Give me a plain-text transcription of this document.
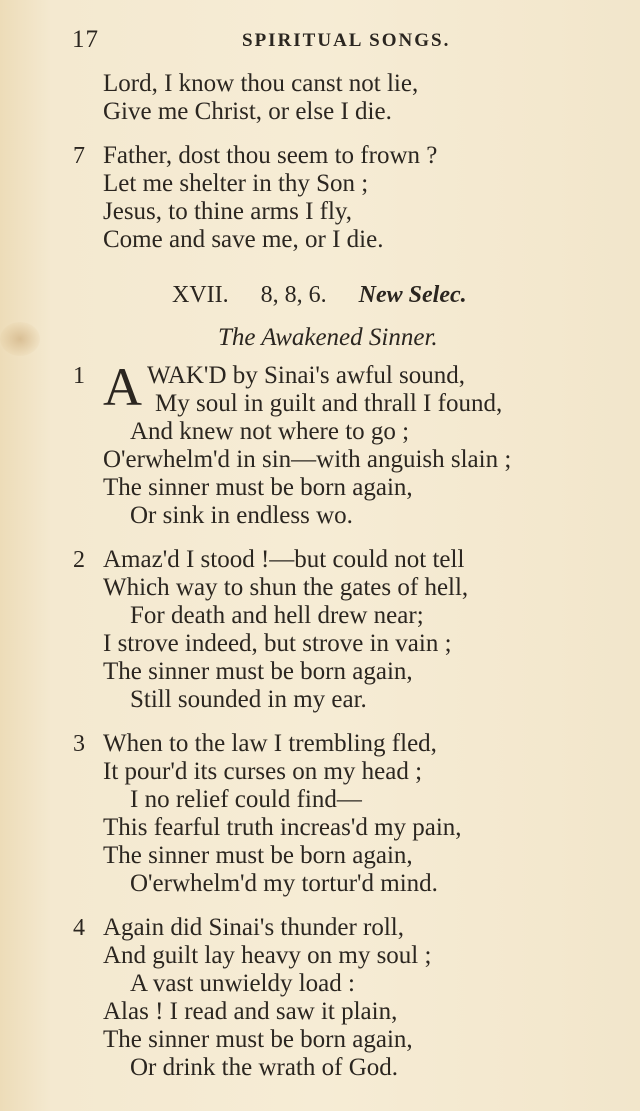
17	SPIRITUAL SONGS.
Lord, I know thou canst not lie,
Give me Christ, or else I die.
7 Father, dost thou seem to frown ?
Let me shelter in thy Son ;
Jesus, to thine arms I fly,
Come and save me, or I die.
XVII. 8, 8, 6. New Selec.
The Awakened Sinner.
1 A WAK'D by Sinai's awful sound,
My soul in guilt and thrall I found,
And knew not where to go ;
O'erwhelm'd in sin—with anguish slain ;
The sinner must be born again,
Or sink in endless wo.
2 Amaz'd I stood !—but could not tell
Which way to shun the gates of hell,
For death and hell drew near;
I strove indeed, but strove in vain ;
The sinner must be born again,
Still sounded in my ear.
3 When to the law I trembling fled,
It pour'd its curses on my head ;
I no relief could find—
This fearful truth increas'd my pain,
The sinner must be born again,
O'erwhelm'd my tortur'd mind.
4 Again did Sinai's thunder roll,
And guilt lay heavy on my soul ;
A vast unwieldy load :
Alas ! I read and saw it plain,
The sinner must be born again,
Or drink the wrath of God.
